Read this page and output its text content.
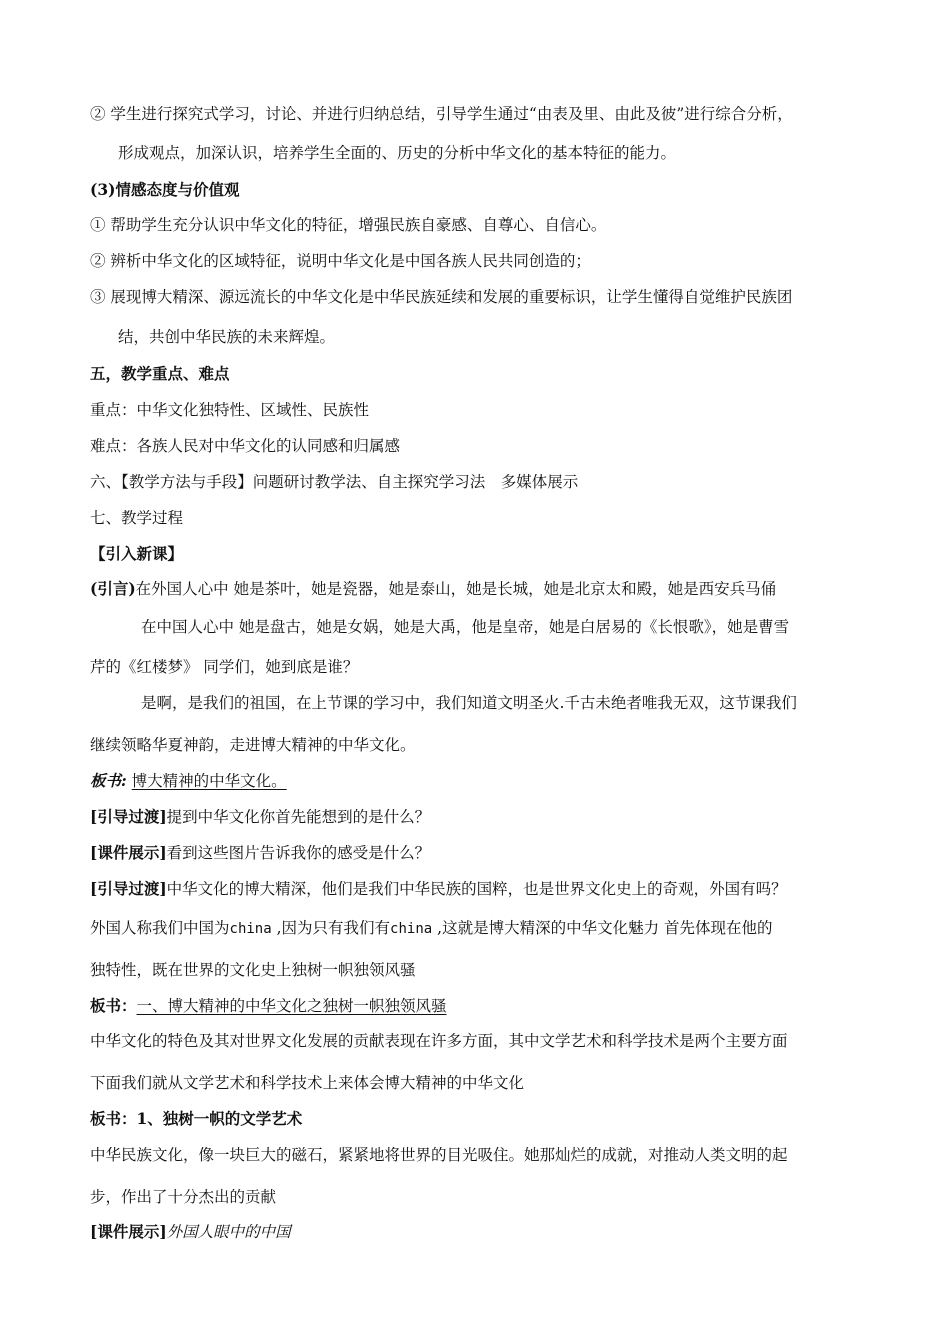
② 学生进行探究式学习，讨论、并进行归纳总结，引导学生通过“由表及里、由此及彼”进行综合分析，
形成观点，加深认识，培养学生全面的、历史的分析中华文化的基本特征的能力。
(3)情感态度与价值观
① 帮助学生充分认识中华文化的特征，增强民族自豪感、自尊心、自信心。
② 辨析中华文化的区域特征，说明中华文化是中国各族人民共同创造的；
③ 展现博大精深、源远流长的中华文化是中华民族延续和发展的重要标识，让学生懂得自觉维护民族团
结，共创中华民族的未来辉煌。
五，教学重点、难点
重点：中华文化独特性、区域性、民族性
难点：各族人民对中华文化的认同感和归属感
六、【教学方法与手段】问题研讨教学法、自主探究学习法　多媒体展示
七、教学过程
【引入新课】
(引言)在外国人心中 她是茶叶，她是瓷器，她是泰山，她是长城，她是北京太和殿，她是西安兵马俑
在中国人心中 她是盘古，她是女娲，她是大禹，他是皇帝，她是白居易的《长恨歌》，她是曹雪
芹的《红楼梦》 同学们，她到底是谁？
是啊，是我们的祖国，在上节课的学习中，我们知道文明圣火.千古未绝者唯我无双，这节课我们
继续领略华夏神韵，走进博大精神的中华文化。
板书: 博大精神的中华文化。
[引导过渡]提到中华文化你首先能想到的是什么？
[课件展示]看到这些图片告诉我你的感受是什么？
[引导过渡]中华文化的博大精深，他们是我们中华民族的国粹，也是世界文化史上的奇观，外国有吗？
外国人称我们中国为china ,因为只有我们有china ,这就是博大精深的中华文化魅力 首先体现在他的
独特性，既在世界的文化史上独树一帜独领风骚
板书：一、博大精神的中华文化之独树一帜独领风骚
中华文化的特色及其对世界文化发展的贡献表现在许多方面，其中文学艺术和科学技术是两个主要方面
下面我们就从文学艺术和科学技术上来体会博大精神的中华文化
板书：1、独树一帜的文学艺术
中华民族文化，像一块巨大的磁石，紧紧地将世界的目光吸住。她那灿烂的成就，对推动人类文明的起
步，作出了十分杰出的贡献
[课件展示]外国人眼中的中国
